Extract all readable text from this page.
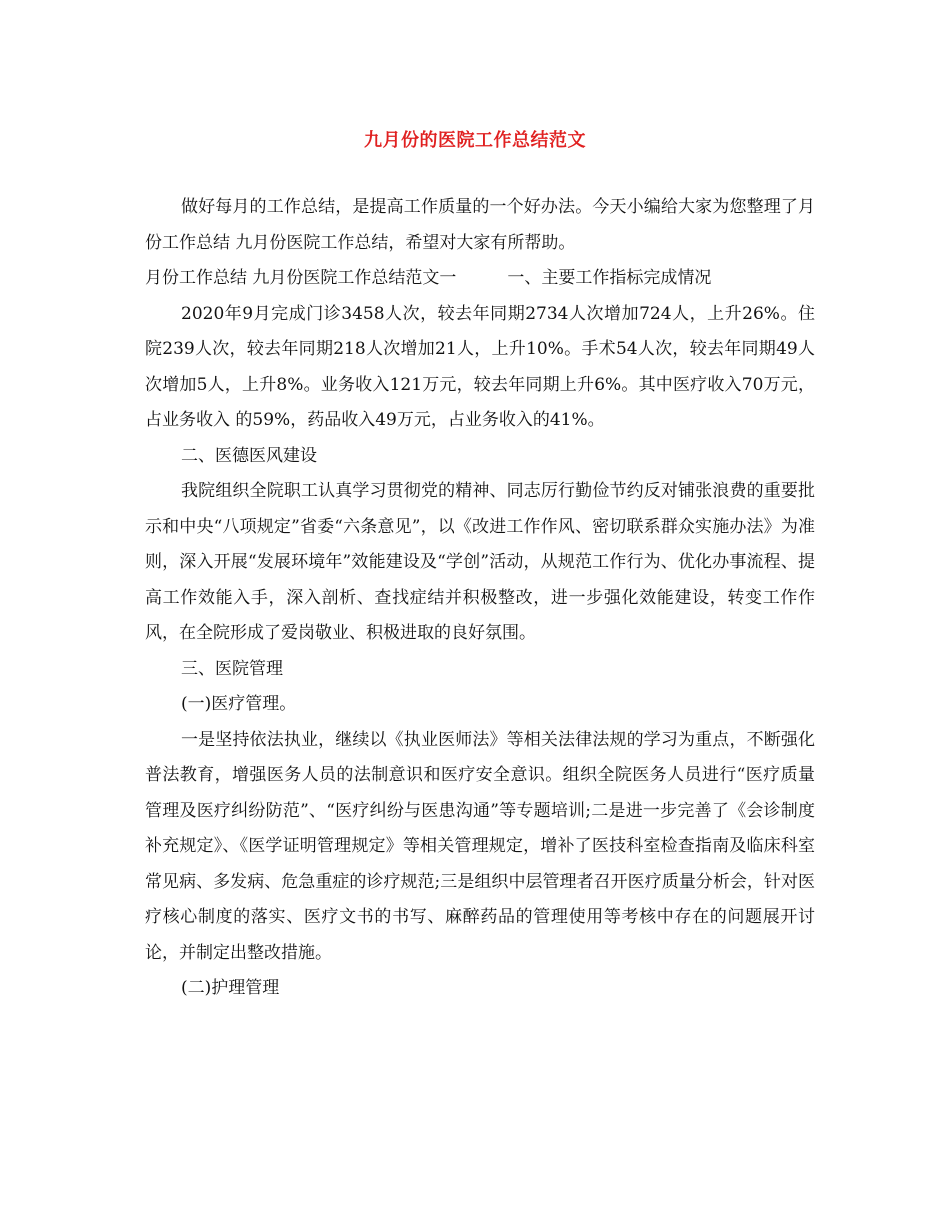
九月份的医院工作总结范文

做好每月的工作总结，是提高工作质量的一个好办法。今天小编给大家为您整理了月份工作总结 九月份医院工作总结，希望对大家有所帮助。

月份工作总结 九月份医院工作总结范文一　　　一、主要工作指标完成情况

2020年9月完成门诊3458人次，较去年同期2734人次增加724人，上升26%。住院239人次，较去年同期218人次增加21人，上升10%。手术54人次，较去年同期49人次增加5人，上升8%。业务收入121万元，较去年同期上升6%。其中医疗收入70万元，占业务收入 的59%，药品收入49万元，占业务收入的41%。

二、医德医风建设

我院组织全院职工认真学习贯彻党的精神、同志厉行勤俭节约反对铺张浪费的重要批示和中央“八项规定”省委“六条意见”，以《改进工作作风、密切联系群众实施办法》为准则，深入开展“发展环境年”效能建设及“学创”活动，从规范工作行为、优化办事流程、提高工作效能入手，深入剖析、查找症结并积极整改，进一步强化效能建设，转变工作作风，在全院形成了爱岗敬业、积极进取的良好氛围。

三、医院管理

(一)医疗管理。

一是坚持依法执业，继续以《执业医师法》等相关法律法规的学习为重点，不断强化普法教育，增强医务人员的法制意识和医疗安全意识。组织全院医务人员进行“医疗质量管理及医疗纠纷防范”、“医疗纠纷与医患沟通”等专题培训;二是进一步完善了《会诊制度补充规定》、《医学证明管理规定》等相关管理规定，增补了医技科室检查指南及临床科室常见病、多发病、危急重症的诊疗规范;三是组织中层管理者召开医疗质量分析会，针对医疗核心制度的落实、医疗文书的书写、麻醉药品的管理使用等考核中存在的问题展开讨论，并制定出整改措施。

(二)护理管理
